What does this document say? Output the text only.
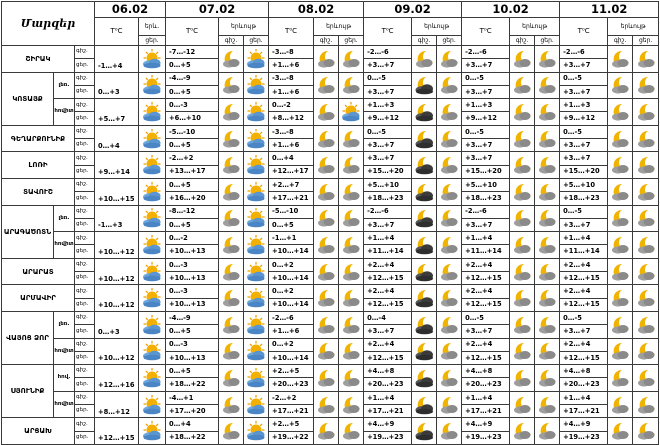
Մարզեր			06.02		07.02			08.02			09.02			10.02			11.02		
			T⁰C	երև.	T⁰C	երևույթ		T⁰C	երևույթ		T⁰C	երևույթ		T⁰C	երևույթ		T⁰C	երևույթ	
				ցեր.		գիշ.	ցեր.		գիշ.	ցեր.		գիշ.	ցեր.		գիշ.	ցեր.		գիշ.	ցեր.
ՇԻՐԱԿ		գիշ.	-1…+4		-7…-12			-3…-8			-2…-6			-2…-6			-2…-6	

		ցեր.			0…+5			+1…+6			+3…+7			+3…+7			+3…+7		
ԿՈՏԱՅՔ	լեռ.	գիշ.	0…+3		-4…-9			-3…-8			0…-5			0…-5			0…-5	

		ցեր.			0…+5			+1…+6			+3…+7			+3…+7			+3…+7		
	հովիտ	գիշ.	+5…+7		0…-3			0…-2			+1…+3			+1…+3			+1…+3	

		ցեր.			+6…+10			+8…+12			+9…+12			+9…+12			+9…+12		
ԳԵՂԱՐՔՈՒՆԻՔ		գիշ.	0…+4		-5…-10			-3…-8			0…-5			0…-5			0…-5	

		ցեր.			0…+5			+1…+6			+3…+7			+3…+7			+3…+7		
ԼՈՌԻ		գիշ.	+9…+14		-2…+2			0…+4			+3…+7			+3…+7			+3…+7	

		ցեր.			+13…+17			+12…+17			+15…+20			+15…+20			+15…+20		
ՏԱՎՈՒՇ		գիշ.	+10…+15		0…+5			+2…+7			+5…+10			+5…+10			+5…+10	

		ցեր.			+16…+20			+17…+21			+18…+23			+18…+23			+18…+23		
ԱՐԱԳԱԾՈՏՆ	լեռ.	գիշ.	-1…+3		-8…-12			-5…-10			-2…-6			-2…-6			0…-5	

		ցեր.			0…+5			0…+5			+3…+7			+3…+7			+3…+7		
	հովիտ	գիշ.	+10…+12		0…-2			-1…+1			+1…+4			+1…+4			+1…+4	

		ցեր.			+10…+13			+10…+14			+11…+14			+11…+14			+11…+14		
ԱՐԱՐԱՏ		գիշ.	+10…+12		0…-3			0…+2			+2…+4			+2…+4			+2…+4	

		ցեր.			+10…+13			+10…+14			+12…+15			+12…+15			+12…+15		
ԱՐՄԱՎԻՐ		գիշ.	+10…+12		0…-3			0…+2			+2…+4			+2…+4			+2…+4	

		ցեր.			+10…+13			+10…+14			+12…+15			+12…+15			+12…+15		
ՎԱՅՈՑ ՁՈՐ	լեռ.	գիշ.	0…+3		-4…-9			-2…-6			0…-4			0…-5			0…-5	

		ցեր.			0…+5			+1…+6			+3…+7			+3…+7			+3…+7		
	հովիտ	գիշ.	+10…+12		0…-3			0…+2			+2…+4			+2…+4			+2…+4	

		ցեր.			+10…+13			+10…+14			+12…+15			+12…+15			+12…+15		
ՍՅՈՒՆԻՔ	հով.	գիշ.	+12…+16		0…+5			+2…+5			+4…+8			+4…+8			+4…+8	

		ցեր.			+18…+22			+20…+23			+20…+23			+20…+23			+20…+23		
	հովիտ	գիշ.	+8…+12		-4…+1			-2…+2			+1…+4			+1…+4			+1…+4	

		ցեր.			+17…+20			+17…+21			+17…+21			+17…+21			+17…+21		
ԱՐՑԱԽ		գիշ.	+12…+15		0…+4			+2…+5			+4…+9			+4…+9			+4…+9	

		ցեր.			+18…+22			+19…+22			+19…+23			+19…+23			+19…+23		
